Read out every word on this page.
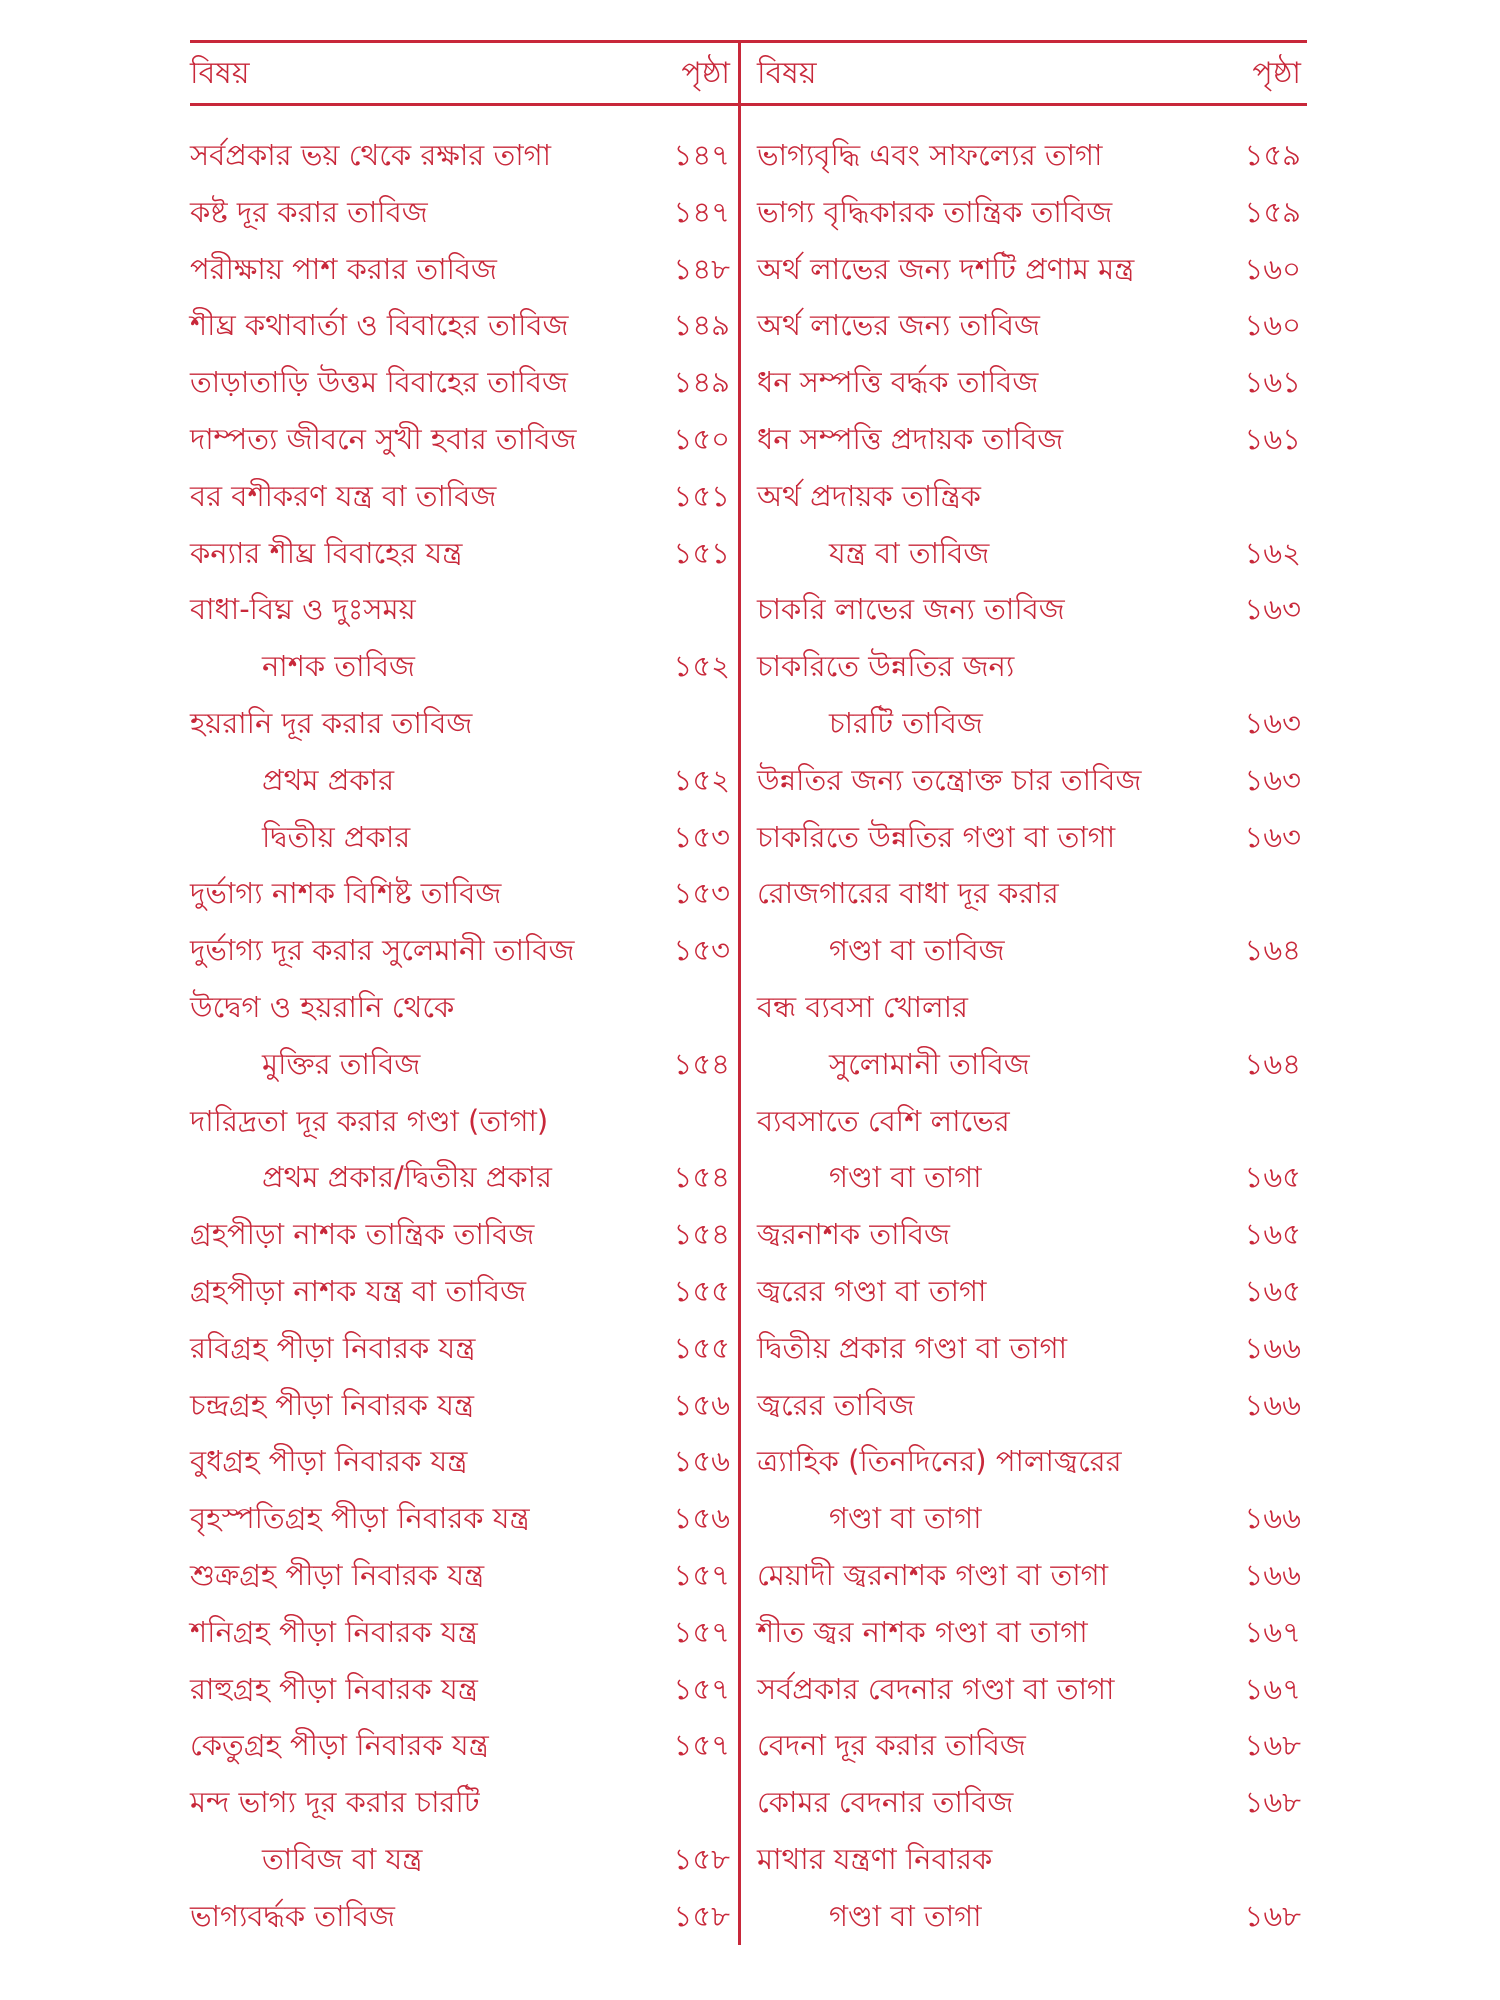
বিষয়	পৃষ্ঠা
সর্বপ্রকার ভয় থেকে রক্ষার তাগা	১৪৭
কষ্ট দূর করার তাবিজ	১৪৭
পরীক্ষায় পাশ করার তাবিজ	১৪৮
শীঘ্র কথাবার্তা ও বিবাহের তাবিজ	১৪৯
তাড়াতাড়ি উত্তম বিবাহের তাবিজ	১৪৯
দাম্পত্য জীবনে সুখী হবার তাবিজ	১৫০
বর বশীকরণ যন্ত্র বা তাবিজ	১৫১
কন্যার শীঘ্র বিবাহের যন্ত্র	১৫১
বাধা-বিঘ্ন ও দুঃসময়
নাশক তাবিজ	১৫২
হয়রানি দূর করার তাবিজ
প্রথম প্রকার	১৫২
দ্বিতীয় প্রকার	১৫৩
দুর্ভাগ্য নাশক বিশিষ্ট তাবিজ	১৫৩
দুর্ভাগ্য দূর করার সুলেমানী তাবিজ	১৫৩
উদ্বেগ ও হয়রানি থেকে
মুক্তির তাবিজ	১৫৪
দারিদ্রতা দূর করার গণ্ডা (তাগা)
প্রথম প্রকার/দ্বিতীয় প্রকার	১৫৪
গ্রহপীড়া নাশক তান্ত্রিক তাবিজ	১৫৪
গ্রহপীড়া নাশক যন্ত্র বা তাবিজ	১৫৫
রবিগ্রহ পীড়া নিবারক যন্ত্র	১৫৫
চন্দ্রগ্রহ পীড়া নিবারক যন্ত্র	১৫৬
বুধগ্রহ পীড়া নিবারক যন্ত্র	১৫৬
বৃহস্পতিগ্রহ পীড়া নিবারক যন্ত্র	১৫৬
শুক্রগ্রহ পীড়া নিবারক যন্ত্র	১৫৭
শনিগ্রহ পীড়া নিবারক যন্ত্র	১৫৭
রাহুগ্রহ পীড়া নিবারক যন্ত্র	১৫৭
কেতুগ্রহ পীড়া নিবারক যন্ত্র	১৫৭
মন্দ ভাগ্য দূর করার চারটি
তাবিজ বা যন্ত্র	১৫৮
ভাগ্যবর্দ্ধক তাবিজ	১৫৮
বিষয়	পৃষ্ঠা
ভাগ্যবৃদ্ধি এবং সাফল্যের তাগা	১৫৯
ভাগ্য বৃদ্ধিকারক তান্ত্রিক তাবিজ	১৫৯
অর্থ লাভের জন্য দশটি প্রণাম মন্ত্র	১৬০
অর্থ লাভের জন্য তাবিজ	১৬০
ধন সম্পত্তি বর্দ্ধক তাবিজ	১৬১
ধন সম্পত্তি প্রদায়ক তাবিজ	১৬১
অর্থ প্রদায়ক তান্ত্রিক
যন্ত্র বা তাবিজ	১৬২
চাকরি লাভের জন্য তাবিজ	১৬৩
চাকরিতে উন্নতির জন্য
চারটি তাবিজ	১৬৩
উন্নতির জন্য তন্ত্রোক্ত চার তাবিজ	১৬৩
চাকরিতে উন্নতির গণ্ডা বা তাগা	১৬৩
রোজগারের বাধা দূর করার
গণ্ডা বা তাবিজ	১৬৪
বন্ধ ব্যবসা খোলার
সুলোমানী তাবিজ	১৬৪
ব্যবসাতে বেশি লাভের
গণ্ডা বা তাগা	১৬৫
জ্বরনাশক তাবিজ	১৬৫
জ্বরের গণ্ডা বা তাগা	১৬৫
দ্বিতীয় প্রকার গণ্ডা বা তাগা	১৬৬
জ্বরের তাবিজ	১৬৬
ত্র্যাহিক (তিনদিনের) পালাজ্বরের
গণ্ডা বা তাগা	১৬৬
মেয়াদী জ্বরনাশক গণ্ডা বা তাগা	১৬৬
শীত জ্বর নাশক গণ্ডা বা তাগা	১৬৭
সর্বপ্রকার বেদনার গণ্ডা বা তাগা	১৬৭
বেদনা দূর করার তাবিজ	১৬৮
কোমর বেদনার তাবিজ	১৬৮
মাথার যন্ত্রণা নিবারক
গণ্ডা বা তাগা	১৬৮
